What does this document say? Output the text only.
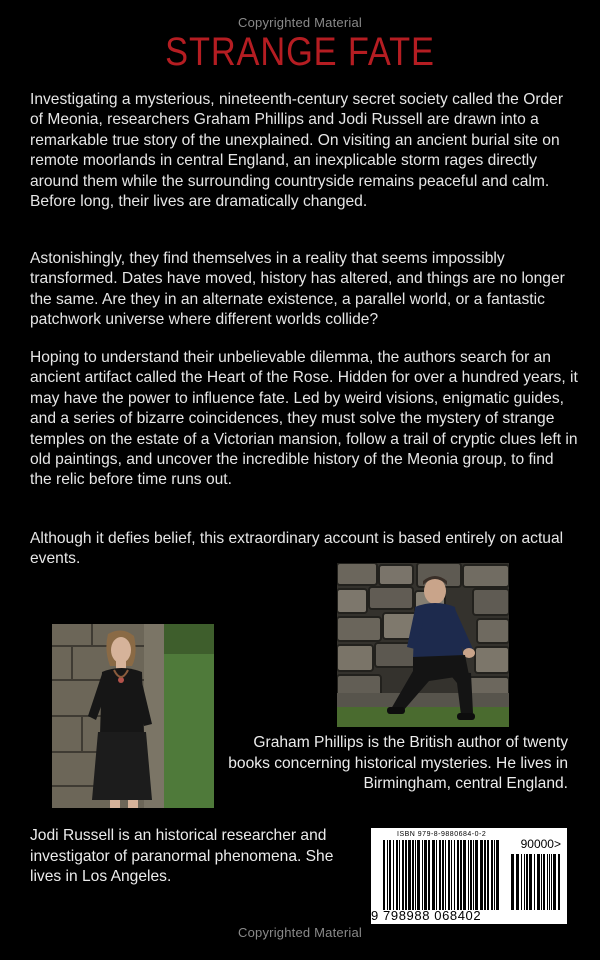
Copyrighted Material
STRANGE FATE

Investigating a mysterious, nineteenth-century secret society called the Order of Meonia, researchers Graham Phillips and Jodi Russell are drawn into a remarkable true story of the unexplained. On visiting an ancient burial site on remote moorlands in central England, an inexplicable storm rages directly around them while the surrounding countryside remains peaceful and calm. Before long, their lives are dramatically changed.

Astonishingly, they find themselves in a reality that seems impossibly transformed. Dates have moved, history has altered, and things are no longer the same. Are they in an alternate existence, a parallel world, or a fantastic patchwork universe where different worlds collide?

Hoping to understand their unbelievable dilemma, the authors search for an ancient artifact called the Heart of the Rose. Hidden for over a hundred years, it may have the power to influence fate. Led by weird visions, enigmatic guides, and a series of bizarre coincidences, they must solve the mystery of strange temples on the estate of a Victorian mansion, follow a trail of cryptic clues left in old paintings, and uncover the incredible history of the Meonia group, to find the relic before time runs out.

Although it defies belief, this extraordinary account is based entirely on actual events.

Graham Phillips is the British author of twenty books concerning historical mysteries. He lives in Birmingham, central England.

Jodi Russell is an historical researcher and investigator of paranormal phenomena. She lives in Los Angeles.

ISBN 979-8-9880684-0-2
90000>
9 798988 068402
Copyrighted Material
